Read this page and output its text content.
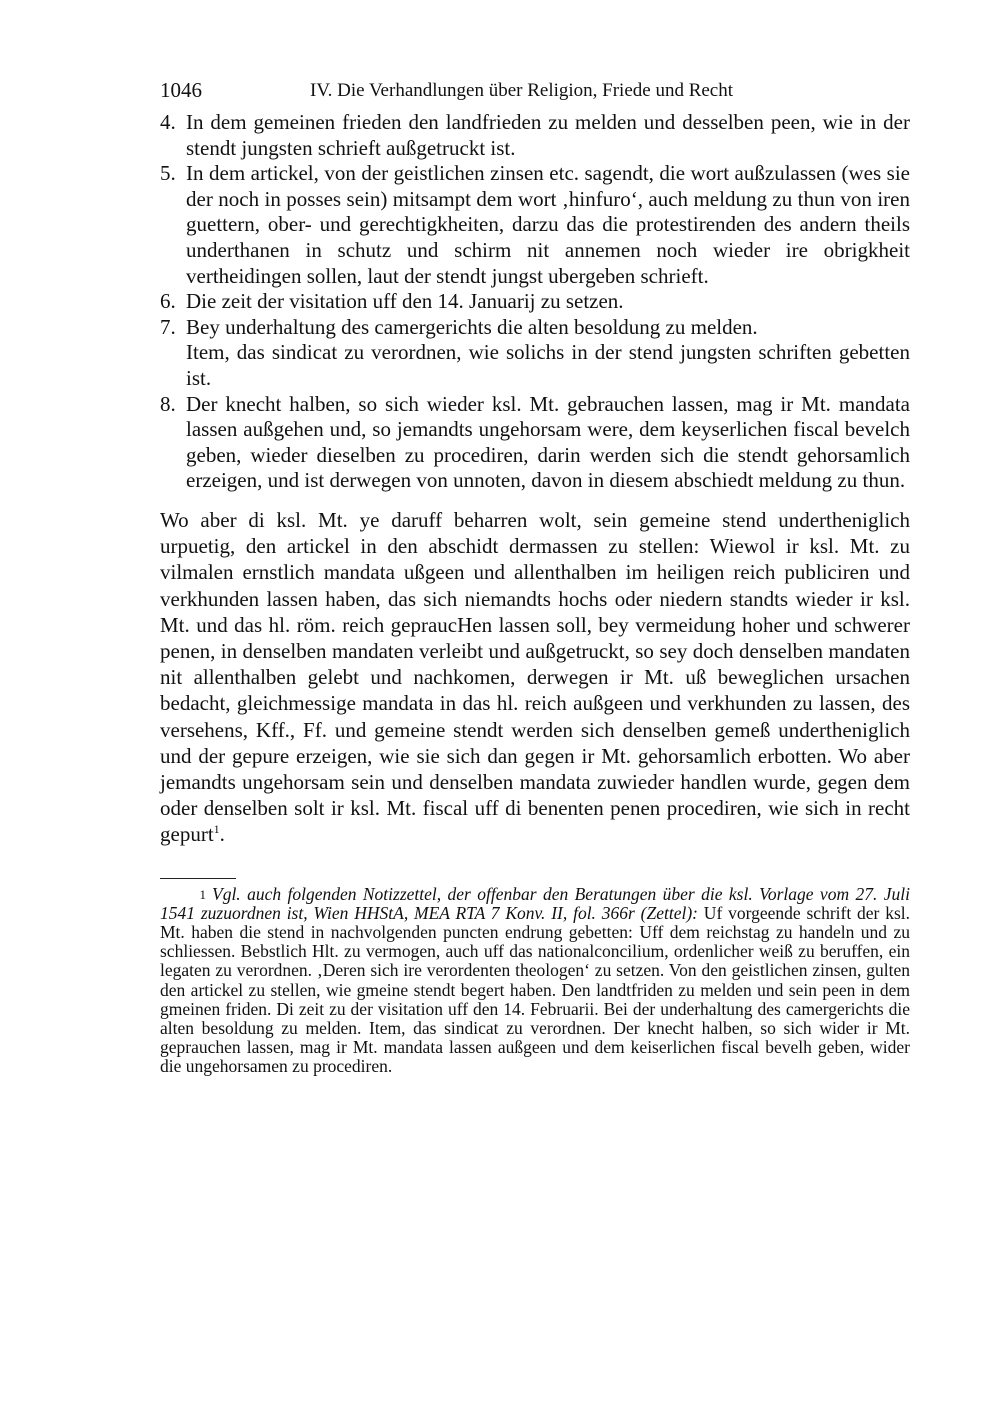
1046	IV. Die Verhandlungen über Religion, Friede und Recht
4. In dem gemeinen frieden den landfrieden zu melden und desselben peen, wie in der stendt jungsten schrieft außgetruckt ist.
5. In dem artickel, von der geistlichen zinsen etc. sagendt, die wort außzulassen (wes sie der noch in posses sein) mitsampt dem wort ‚hinfuro‘, auch meldung zu thun von iren guettern, ober- und gerechtigkheiten, darzu das die protestirenden des andern theils underthanen in schutz und schirm nit annemen noch wieder ire obrigkheit vertheidingen sollen, laut der stendt jungst ubergeben schrieft.
6. Die zeit der visitation uff den 14. Januarij zu setzen.
7. Bey underhaltung des camergerichts die alten besoldung zu melden.
Item, das sindicat zu verordnen, wie solichs in der stend jungsten schriften gebetten ist.
8. Der knecht halben, so sich wieder ksl. Mt. gebrauchen lassen, mag ir Mt. mandata lassen außgehen und, so jemandts ungehorsam were, dem keyserlichen fiscal bevelch geben, wieder dieselben zu procediren, darin werden sich die stendt gehorsamlich erzeigen, und ist derwegen von unnoten, davon in diesem abschiedt meldung zu thun.

Wo aber di ksl. Mt. ye daruff beharren wolt, sein gemeine stend undertheniglich urpuetig, den artickel in den abschidt dermassen zu stellen: Wiewol ir ksl. Mt. zu vilmalen ernstlich mandata ußgeen und allenthalben im heiligen reich publiciren und verkhunden lassen haben, das sich niemandts hochs oder niedern standts wieder ir ksl. Mt. und das hl. röm. reich gepraucHen lassen soll, bey vermeidung hoher und schwerer penen, in denselben mandaten verleibt und außgetruckt, so sey doch denselben mandaten nit allenthalben gelebt und nachkomen, derwegen ir Mt. uß beweglichen ursachen bedacht, gleichmessige mandata in das hl. reich außgeen und verkhunden zu lassen, des versehens, Kff., Ff. und gemeine stendt werden sich denselben gemeß undertheniglich und der gepure erzeigen, wie sie sich dan gegen ir Mt. gehorsamlich erbotten. Wo aber jemandts ungehorsam sein und denselben mandata zuwieder handlen wurde, gegen dem oder denselben solt ir ksl. Mt. fiscal uff di benenten penen procediren, wie sich in recht gepurt$^1$.

1 Vgl. auch folgenden Notizzettel, der offenbar den Beratungen über die ksl. Vorlage vom 27. Juli 1541 zuzuordnen ist, Wien HHStA, MEA RTA 7 Konv. II, fol. 366r (Zettel): Uf vorgeende schrift der ksl. Mt. haben die stend in nachvolgenden puncten endrung gebetten: Uff dem reichstag zu handeln und zu schliessen. Bebstlich Hlt. zu vermogen, auch uff das nationalconcilium, ordenlicher weiß zu beruffen, ein legaten zu verordnen. ‚Deren sich ire verordenten theologen‘ zu setzen. Von den geistlichen zinsen, gulten den artickel zu stellen, wie gmeine stendt begert haben. Den landtfriden zu melden und sein peen in dem gmeinen friden. Di zeit zu der visitation uff den 14. Februarii. Bei der underhaltung des camergerichts die alten besoldung zu melden. Item, das sindicat zu verordnen. Der knecht halben, so sich wider ir Mt. geprauchen lassen, mag ir Mt. mandata lassen außgeen und dem keiserlichen fiscal bevelh geben, wider die ungehorsamen zu procediren.
